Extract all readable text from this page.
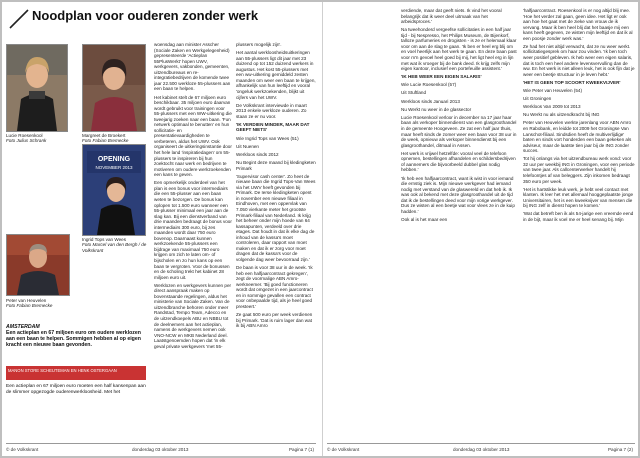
Noodplan voor ouderen zonder werk
Lucie Roesenkool
Foto Julius Schrank
Margreet de Broekert
Foto Fabian Bremecke
OPENING
NOVEMBER 2013
Ingrid Tops van Wees
Foto Marcel van den Bergh / de Volkskrant
Peter van Heuvelen
Foto Fabian Bremecke
AMSTERDAM
Een actieplan en 67 miljoen euro om oudere werklozen aan een baan te helpen. Sommigen hebben al op eigen kracht een nieuwe baan gevonden.
MANON STORE SCHEUTEMAN EN HENK OSTERGAAN
Een actieplan en 67 miljoen euro moeten een half kansenpan aan de slimmer opgezogde ouderenwerkloosheid. Met het

woensdag aan minister Asscher (Sociale Zaken en Werkgelegenheid) gepresenteerde 'Actieplan 55PlusWerkt' hopen UWV, werkgevers, vakbonden, gemeenten, uitzendbureaus en re-integratiebedrijven de komende twee jaar 22.500 werkloze 55-plussers aan een baan te helpen.

Het kabinet stelt de 67 miljoen euro beschikbaar. 35 miljoen euro daarvan wordt gebruikt voor trainingen voor 55-plussers met een WW-uitkering die tweejarig zoeken naar een baan. 'Fun netwerk optimaal te benutten' en hun sollicitatie- en presentatievaardigheden te verbeteren, aldus het UWV. Ook organiseert de uitkeringsinstantie door het hele land 'inspiratiedagen' om 55-plussers te inspireren bij hun zoektocht naar werk en bedrijven te motiveren om oudere werkzoekenden een kans te geven.

Een opmerkelijk onderdeel van het plan is een bonus voor intermediairs die een 55-plusser aan een baan weten te bezorgen. De bonus kan oplopen tot 1.500 euro wanneer een 55-plusser minimaal een jaar aan de slag kan. Bij een dienstverband van drie maanden bedraagt de bonus voor intermediairs 300 euro, bij zes maanden wordt daar 750 euro bovenop. Daarnaast kunnen werkzoekende 55-plussers een bijdrage van maximaal 750 euro krijgen om zich te laten om- of bijscholen en zo hun kans op een baan te vergroten. Voor de bonussen en de scholing trekt het kabinet 28 miljoen euro uit.

Werklozen en werkgevers kunnen per direct aanspraak maken op bovenstaande regelingen, aldus het ministerie van Sociale Zaken. Van de uitzendbranche behoren onder meer Randstad, Tempo Team, Adecco en de uitzendkoepels ABU en NBBU tot de deelnemers aan het actieplan, namens de werkgevers nemen ook VNO-NCW en MKB Nederland deel. Laatstgenoemden hopen dat 'in elk geval private werkgevers 'met 55-

plussers mogelijk zijn'.

Het aantal werkloosheidsuitkeringen aan 55-plussers ligt dit jaar met 23 duizend op tot 152 duizend werkers in augustus. Het kost 55-plussers met een ww-uitkering gemiddeld zesten maanden om weer een baan te krijgen, afhankelijk van hun leeftijd en vooral 'ongeluk werkzoekenden, blijkt uit cijfers van het UWV.

De Volkskrant interviewde in maart 2013 enkele werkloze ouderen. Zo staan ze er nu voor.

'IK VERDIEN MINDER, MAAR DAT GEEFT NIETS'

Wie Ingrid Tops van Wees (51)

Uit Nuenen

Werkloos sinds 2012

Nu Begint deze maand bij kledingketen Primark

'Supervisor cash center'. Zo heet de nieuwe baan die Ingrid Tops-Van Wees via het UWV heeft gevonden bij Primark. De Ierse kledingketen opent in november een nieuwe filiaal in Eindhoven, met een oppervlak van 7.050 vierkante meter het grootste Primark-filiaal van Nederland. Ik krijg het beheer onder mijn hoede van 64 kassapunten, verdeeld over drie etages. Dat houdt in dat ik elke dag de inhoud van de kassa's moet controleren, daar rapport van moet maken en dat ik er zorg voor moet dragen dat de kassa's voor de volgende dag weer bevoorraad zijn.'

De baan is voor 38 uur in de week. 'Ik heb een halfjaarcontract gekregen', zegt de voormalige ABN Amro-werkneemer. 'Bij goed functioneren wordt dat omgezet in een jaarcontract en in sommige gevallen een contract voor onbepaalde tijd, als je heel goed presteert.'

Ze gaat 500 euro per week verdienen bij Primark. 'Dat is ruim lager dan wat ik bij ABN Amro

© de Volkskrant	donderdag 03 oktober 2013	Pagina 7 (1)

verdiende, maar dat geeft niets. Ik vind het vooral belangrijk dat ik weer deel uitmaak van het arbeidsproces.'

Na tweehonderd vergeefse sollicitaties in een half jaar tijd - bij Nespresso, het Philips Museum, de Bijenkorf, talloze parfumeries en drogisten - is ze er helemaal klaar voor om aan de slag te gaan. 'Ik ben er heel erg blij om en voel heerlijk aan het werk te gaan. En deze baan past voor m'n gevoel heel goed bij mij, het ligt heel erg in lijn met wat ik vroeger bij de bank deed. Ik krijg zelfs mijn eigen kantoor, inclusief een portefeuille assistent.'

'IK HEB WEER EEN EIGEN SALARIS'

Wie Lucie Roesenkool (57)

Uit Stuftland

Werkloos sinds Januari 2013

Nu Werkt nu weer in de glassector

Lucie Roesenkool verloor in december na 17 jaar haar baan als verkoper binnendienst van een glasgroothandel in de gemeente Hoogeveen. Ze zat een half jaar thuis, maar heeft sinds de zomer weer een baan voor 38 uur in de week, opnieuw als verkoper binnendienst bij een glasgroothandel, ditmaal in Assen.

Het werk is vrijwel hetzelfde: vooral veel de telefoon opnemen, bestellingen afhandelen en schildersbedrijven of aannemers die bijvoorbeeld dubbel glas nodig hebben.'

'Ik heb een halfjaarcontract, want ik wist in voor iemand die ernstig ziek is. Mijn nieuwe werkgever had iemand nodig met verstand van de glaswereld en dat heb ik. Ik was ook al bekend met deze glasgroothandel uit de tijd dat ik de bestellingen deed voor mijn vorige werkgever. Dus ze wisten al een beetje wat voor vlees ze in de kuip hadden.'

Ook al is het maar een

'halfjaarcontract. Roesenkool is er nog altijd blij mee. 'Hoe het verder zal gaan, geen idee. Het ligt er ook aan hoe het gaat met de zieke van vrouw de ik vervang. Maar ik ben heel blij dat het baasje mij een kans heeft gegeven, ze wisten mijn leeftijd en dat ik al een poosje zonder werk was.'

Ze had het niet altijd verwacht, dat ze nu weer werkt. sollicitatiegesprek om haar zou vinden. 'Ik ben toch weer positief gebleven. Ik heb weer een eigen salaris, dat is toch een heel andere levensvervulling dan de ww. En het werk is niet alleen leuk, het is ook fijn dat je weer een beetje structuur in je leven hebt.'

'HET IS GEEN TOP SCOORT KWEEKVIJVER'

Wie Peter van Heuvelen (54)

Uit Groningen

Werkloos Van 2009 tot 2013

Nu Werkt nu als uitzendkracht bij ING

Peter van Heuvelen werkte jarenlang voor ABN Amro en Rabobank, en leidde tot 2009 het Groningse Van Lanschot-filiaal. Sindsdien heeft de multiverlijdige' baten en sinds vort honderden een baan gekeken als adviseur, maar de laatste tien jaar bij de ING zonder succes.

Tot hij onlangs via het uitzendbureau werk vond: voor 32 uur per weekbij ING in Groningen, voor een periode van twee jaar. Als callcenterwerker handelt hij telefoontjes af van beleggers. Zijn inkomen bedraagt 350 euro per week.

'Het is hartstikke leuk werk, je hebt veel contact met klanten. Ik leer het met allemaal hooggeplaatste jonge Universitairen, het is een kweekvijver van mensen die bij ING zelf in dienst hopen te komen.'

'Wat dat betreft ben ik als 54-jarige een vreemde eend in de bijt, maar ik voel me er heel senang bij. Mijn

© de Volkskrant	donderdag 03 oktober 2013	Pagina 7 (2)
